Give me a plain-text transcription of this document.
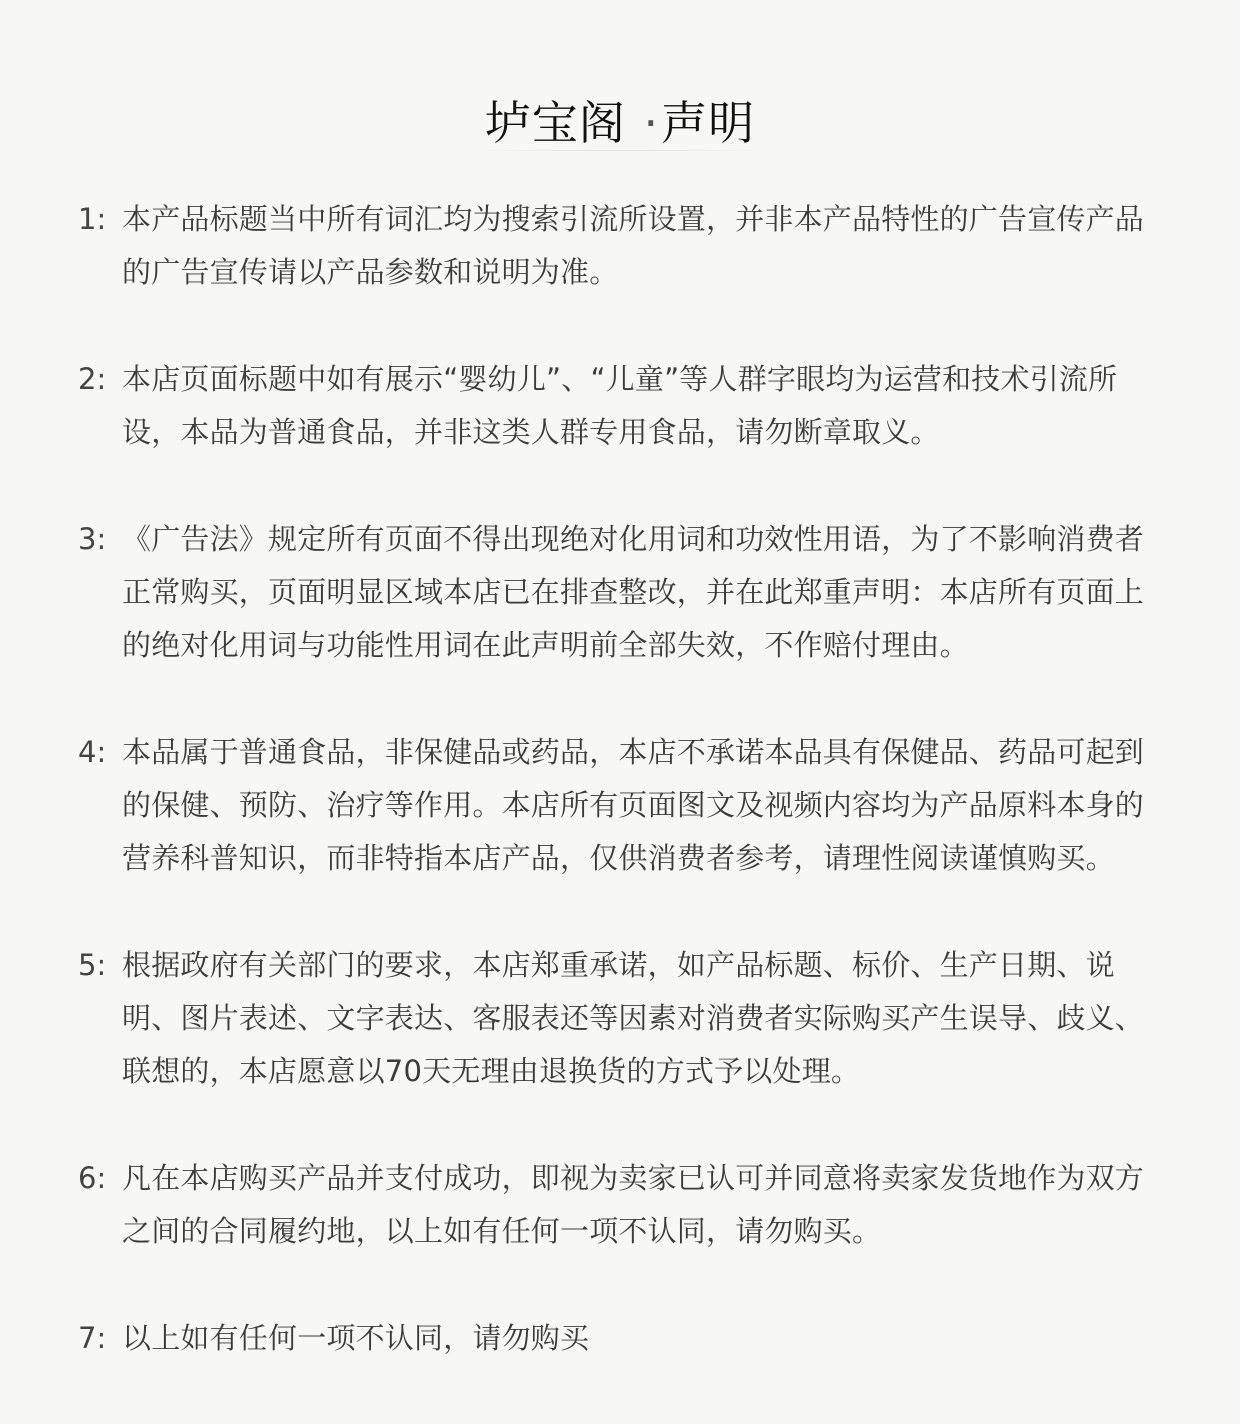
垆宝阁 ·声明
1: 本产品标题当中所有词汇均为搜索引流所设置，并非本产品特性的广告宣传产品的广告宣传请以产品参数和说明为准。
2: 本店页面标题中如有展示“婴幼儿”、“儿童”等人群字眼均为运营和技术引流所设，本品为普通食品，并非这类人群专用食品，请勿断章取义。
3: 《广告法》规定所有页面不得出现绝对化用词和功效性用语，为了不影响消费者正常购买，页面明显区域本店已在排查整改，并在此郑重声明：本店所有页面上的绝对化用词与功能性用词在此声明前全部失效，不作赔付理由。
4: 本品属于普通食品，非保健品或药品，本店不承诺本品具有保健品、药品可起到的保健、预防、治疗等作用。本店所有页面图文及视频内容均为产品原料本身的营养科普知识，而非特指本店产品，仅供消费者参考，请理性阅读谨慎购买。
5: 根据政府有关部门的要求，本店郑重承诺，如产品标题、标价、生产日期、说明、图片表述、文字表达、客服表还等因素对消费者实际购买产生误导、歧义、联想的，本店愿意以70天无理由退换货的方式予以处理。
6: 凡在本店购买产品并支付成功，即视为卖家已认可并同意将卖家发货地作为双方之间的合同履约地，以上如有任何一项不认同，请勿购买。
7: 以上如有任何一项不认同，请勿购买
